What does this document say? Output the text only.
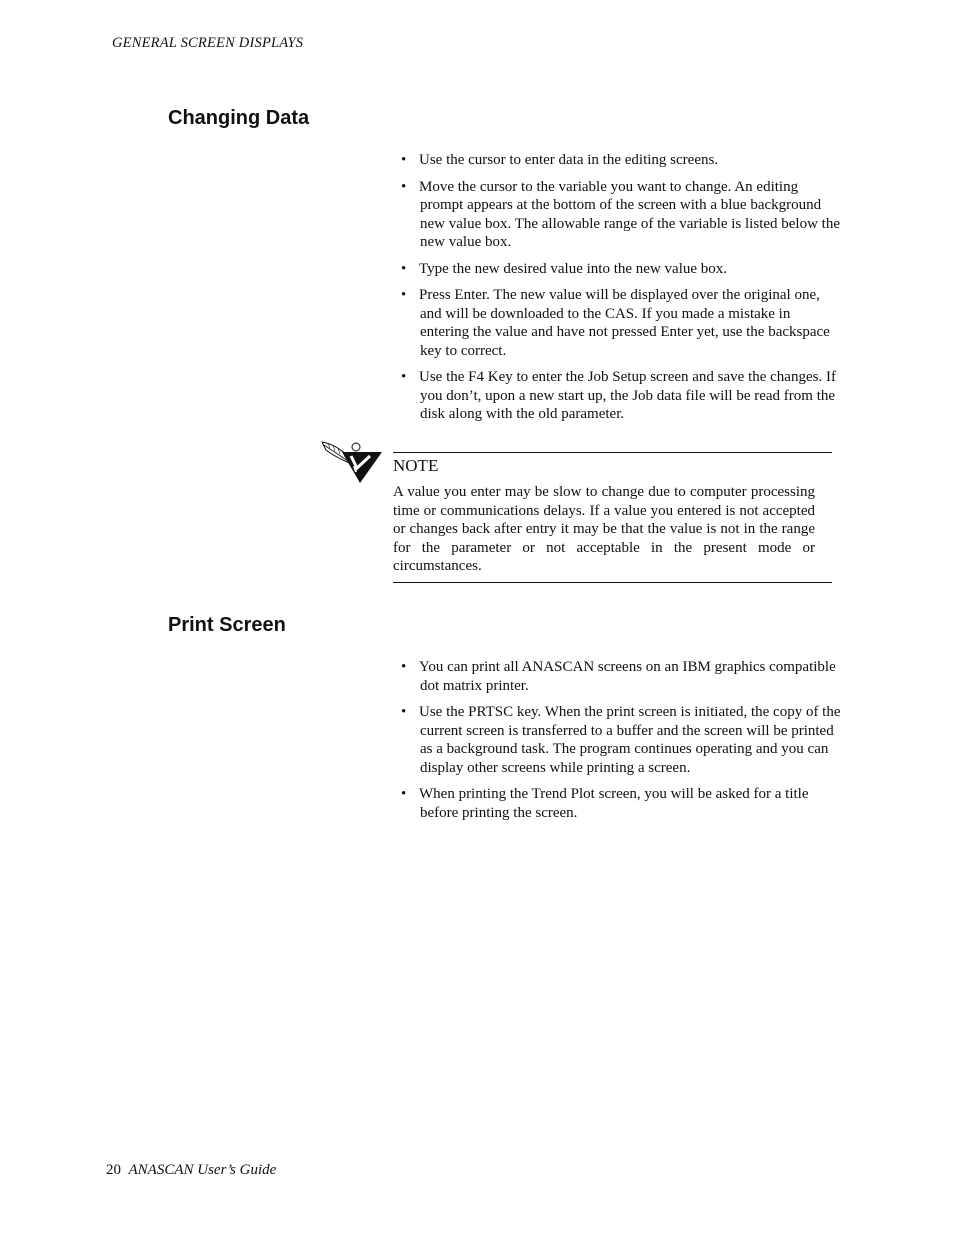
GENERAL SCREEN DISPLAYS
Changing Data
• Use the cursor to enter data in the editing screens.
• Move the cursor to the variable you want to change. An editing prompt appears at the bottom of the screen with a blue background new value box. The allowable range of the variable is listed below the new value box.
• Type the new desired value into the new value box.
• Press Enter. The new value will be displayed over the original one, and will be downloaded to the CAS. If you made a mistake in entering the value and have not pressed Enter yet, use the backspace key to correct.
• Use the F4 Key to enter the Job Setup screen and save the changes. If you don’t, upon a new start up, the Job data file will be read from the disk along with the old parameter.

NOTE

A value you enter may be slow to change due to computer processing time or communications delays. If a value you entered is not accepted or changes back after entry it may be that the value is not in the range for the parameter or not acceptable in the present mode or circumstances.

Print Screen
• You can print all ANASCAN screens on an IBM graphics compatible dot matrix printer.
• Use the PRTSC key. When the print screen is initiated, the copy of the current screen is transferred to a buffer and the screen will be printed as a background task. The program continues operating and you can display other screens while printing a screen.
• When printing the Trend Plot screen, you will be asked for a title before printing the screen.
20 ANASCAN User’s Guide
